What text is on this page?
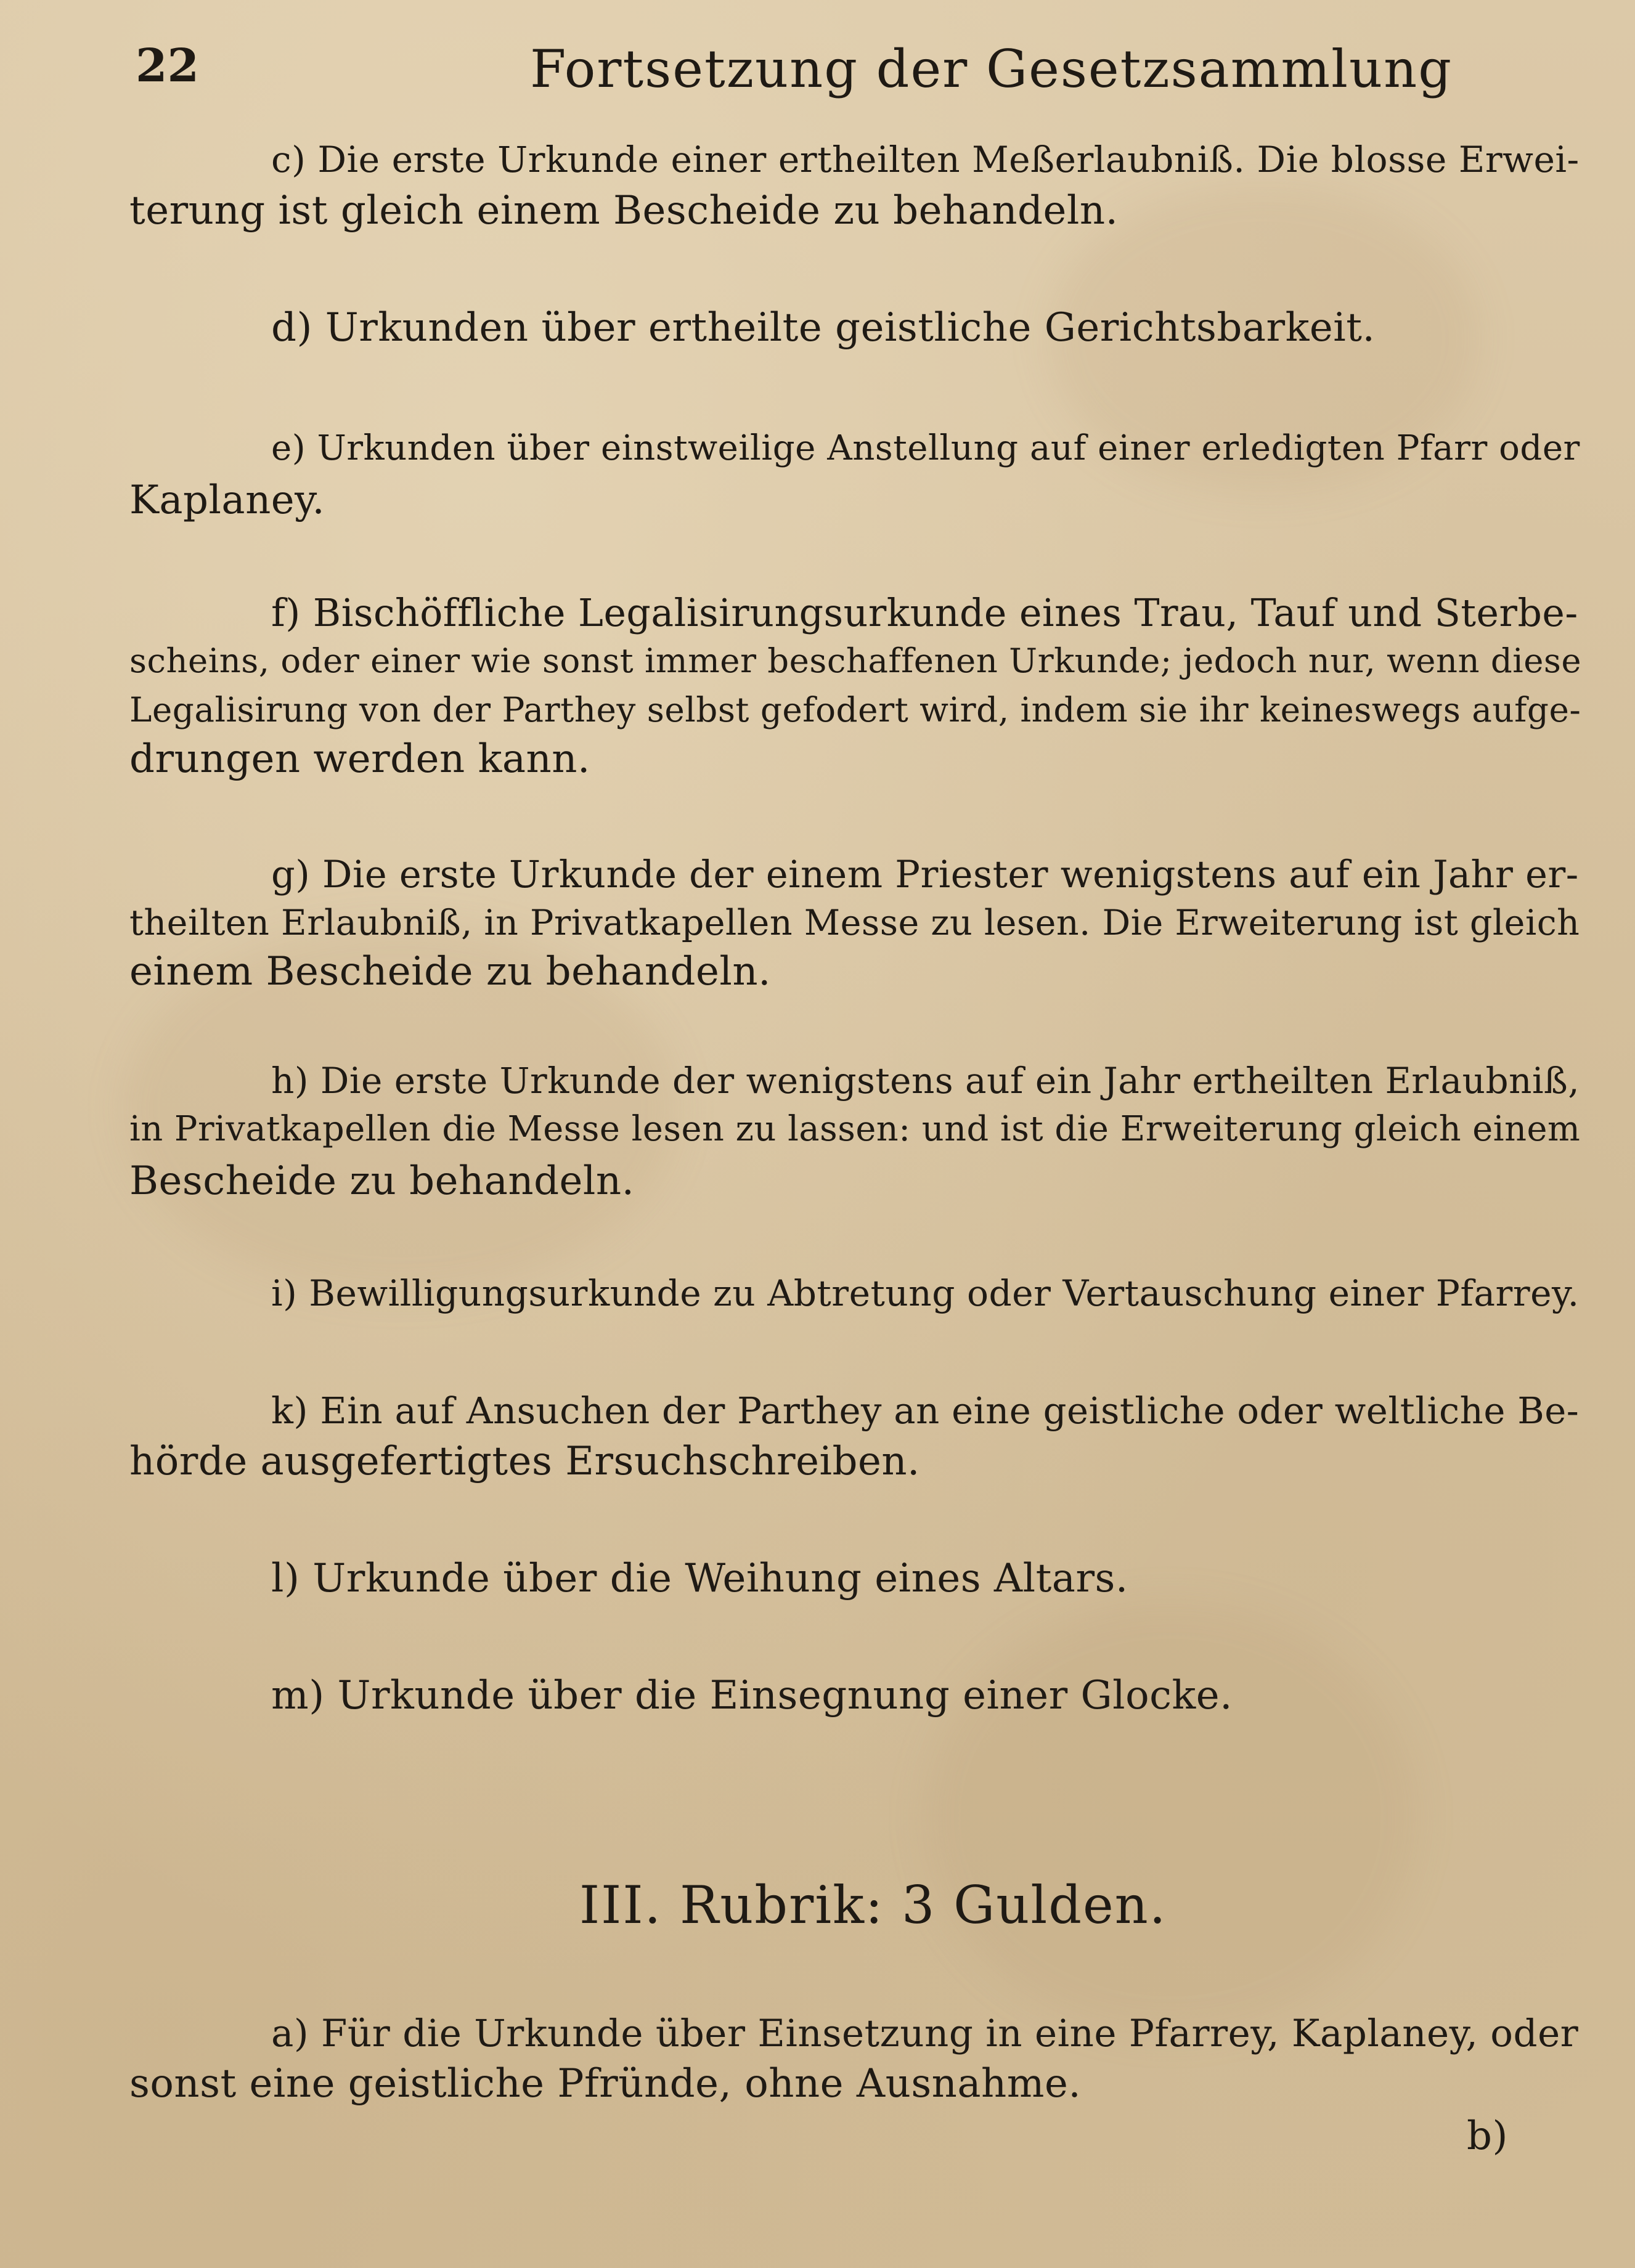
22	Fortsetzung der Gesetzsammlung
c) Die erste Urkunde einer ertheilten Meßerlaubniß. Die blosse Erwei-
terung ist gleich einem Bescheide zu behandeln.
d) Urkunden über ertheilte geistliche Gerichtsbarkeit.
e) Urkunden über einstweilige Anstellung auf einer erledigten Pfarr oder
Kaplaney.
f) Bischöffliche Legalisirungsurkunde eines Trau, Tauf und Sterbe-
scheins, oder einer wie sonst immer beschaffenen Urkunde; jedoch nur, wenn diese
Legalisirung von der Parthey selbst gefodert wird, indem sie ihr keineswegs aufge-
drungen werden kann.
g) Die erste Urkunde der einem Priester wenigstens auf ein Jahr er-
theilten Erlaubniß, in Privatkapellen Messe zu lesen. Die Erweiterung ist gleich
einem Bescheide zu behandeln.
h) Die erste Urkunde der wenigstens auf ein Jahr ertheilten Erlaubniß,
in Privatkapellen die Messe lesen zu lassen: und ist die Erweiterung gleich einem
Bescheide zu behandeln.
i) Bewilligungsurkunde zu Abtretung oder Vertauschung einer Pfarrey.
k) Ein auf Ansuchen der Parthey an eine geistliche oder weltliche Be-
hörde ausgefertigtes Ersuchschreiben.
l) Urkunde über die Weihung eines Altars.
m) Urkunde über die Einsegnung einer Glocke.
III. Rubrik: 3 Gulden.
a) Für die Urkunde über Einsetzung in eine Pfarrey, Kaplaney, oder
sonst eine geistliche Pfründe, ohne Ausnahme.
b)
